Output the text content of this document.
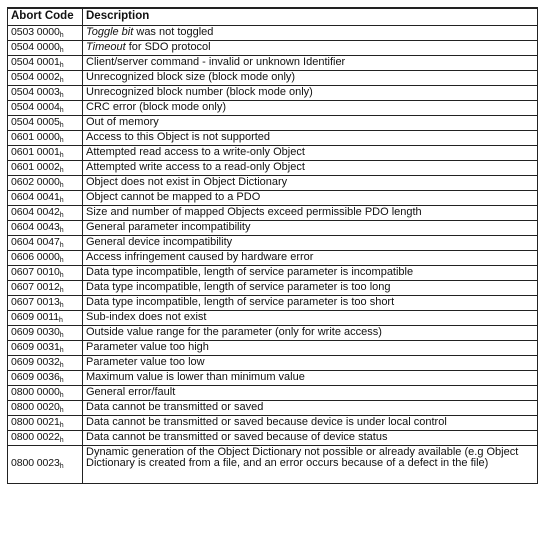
Abort Code	Description
0503 $0000_h$	Toggle bit was not toggled
0504 $0000_h$	Timeout for SDO protocol
0504 $0001_h$	Client/server command - invalid or unknown Identifier
0504 $0002_h$	Unrecognized block size (block mode only)
0504 $0003_h$	Unrecognized block number (block mode only)
0504 $0004_h$	CRC error (block mode only)
0504 $0005_h$	Out of memory
0601 $0000_h$	Access to this Object is not supported
0601 $0001_h$	Attempted read access to a write-only Object
0601 $0002_h$	Attempted write access to a read-only Object
0602 $0000_h$	Object does not exist in Object Dictionary
0604 $0041_h$	Object cannot be mapped to a PDO
0604 $0042_h$	Size and number of mapped Objects exceed permissible PDO length
0604 $0043_h$	General parameter incompatibility
0604 $0047_h$	General device incompatibility
0606 $0000_h$	Access infringement caused by hardware error
0607 $0010_h$	Data type incompatible, length of service parameter is incompatible
0607 $0012_h$	Data type incompatible, length of service parameter is too long
0607 $0013_h$	Data type incompatible, length of service parameter is too short
0609 $0011_h$	Sub-index does not exist
0609 $0030_h$	Outside value range for the parameter (only for write access)
0609 $0031_h$	Parameter value too high
0609 $0032_h$	Parameter value too low
0609 $0036_h$	Maximum value is lower than minimum value
0800 $0000_h$	General error/fault
0800 $0020_h$	Data cannot be transmitted or saved
0800 $0021_h$	Data cannot be transmitted or saved because device is under local control
0800 $0022_h$	Data cannot be transmitted or saved because of device status
0800 $0023_h$	Dynamic generation of the Object Dictionary not possible or already available (e.g Object Dictionary is created from a file, and an error occurs because of a defect in the file)
